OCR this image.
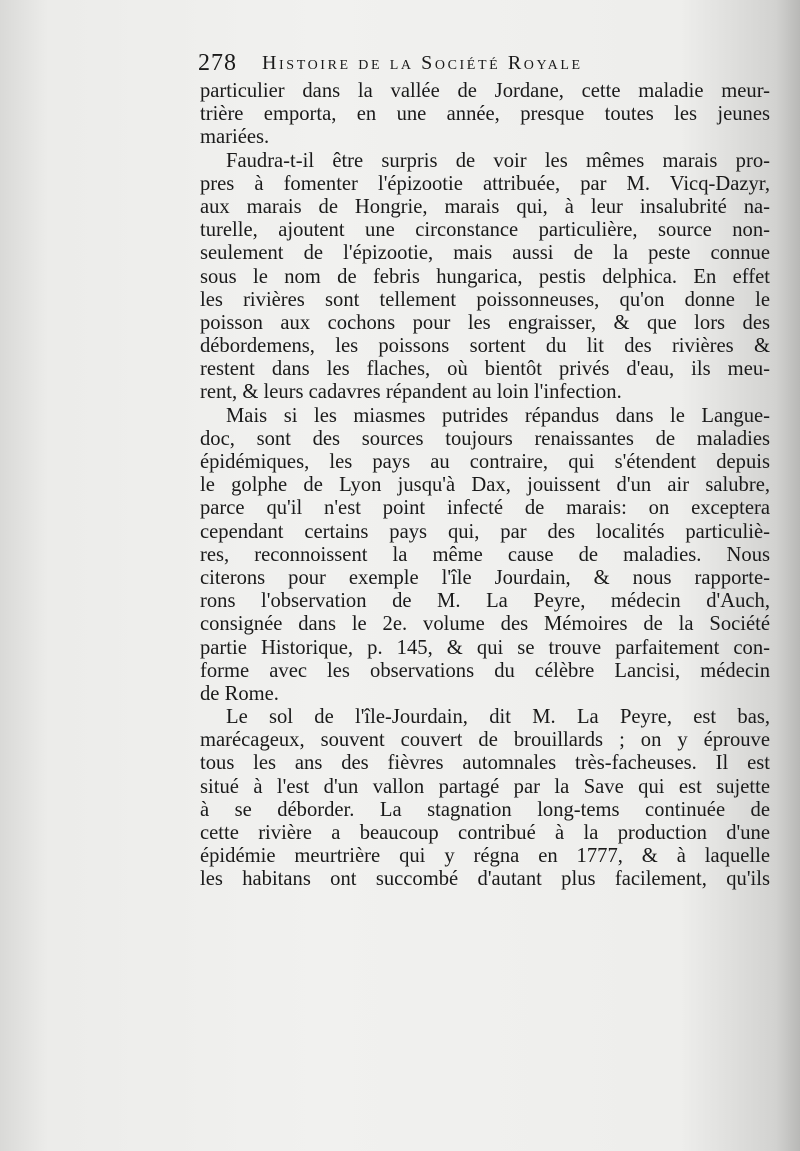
278 Histoire de la Société Royale

particulier dans la vallée de Jordane, cette maladie meur-
trière emporta, en une année, presque toutes les jeunes
mariées.

Faudra-t-il être surpris de voir les mêmes marais pro-
pres à fomenter l'épizootie attribuée, par M. Vicq-Dazyr,
aux marais de Hongrie, marais qui, à leur insalubrité na-
turelle, ajoutent une circonstance particulière, source non-
seulement de l'épizootie, mais aussi de la peste connue
sous le nom de febris hungarica, pestis delphica. En effet
les rivières sont tellement poissonneuses, qu'on donne le
poisson aux cochons pour les engraisser, & que lors des
débordemens, les poissons sortent du lit des rivières &
restent dans les flaches, où bientôt privés d'eau, ils meu-
rent, & leurs cadavres répandent au loin l'infection.

Mais si les miasmes putrides répandus dans le Langue-
doc, sont des sources toujours renaissantes de maladies
épidémiques, les pays au contraire, qui s'étendent depuis
le golphe de Lyon jusqu'à Dax, jouissent d'un air salubre,
parce qu'il n'est point infecté de marais: on exceptera
cependant certains pays qui, par des localités particuliè-
res, reconnoissent la même cause de maladies. Nous
citerons pour exemple l'île Jourdain, & nous rapporte-
rons l'observation de M. La Peyre, médecin d'Auch,
consignée dans le 2e. volume des Mémoires de la Société
partie Historique, p. 145, & qui se trouve parfaitement con-
forme avec les observations du célèbre Lancisi, médecin
de Rome.

Le sol de l'île-Jourdain, dit M. La Peyre, est bas,
marécageux, souvent couvert de brouillards ; on y éprouve
tous les ans des fièvres automnales très-facheuses. Il est
situé à l'est d'un vallon partagé par la Save qui est sujette
à se déborder. La stagnation long-tems continuée de
cette rivière a beaucoup contribué à la production d'une
épidémie meurtrière qui y régna en 1777, & à laquelle
les habitans ont succombé d'autant plus facilement, qu'ils
